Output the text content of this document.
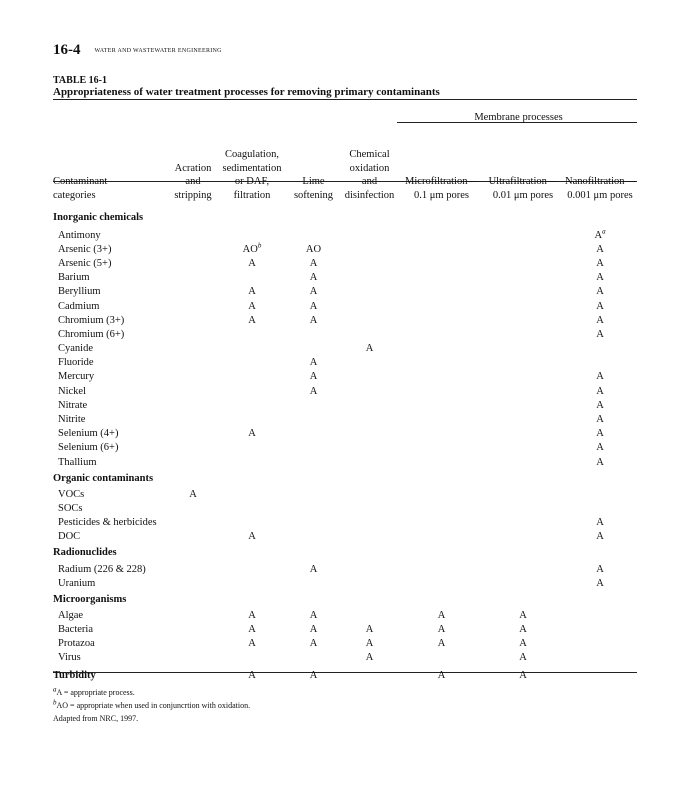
16-4 WATER AND WASTEWATER ENGINEERING
TABLE 16-1
Appropriateness of water treatment processes for removing primary contaminants
					Membrane processes		
Contaminant
categories	Acration
and
stripping	Coagulation,
sedimentation
or DAF,
filtration	Lime
softening	Chemical
oxidation
and
disinfection	Microfiltration—
0.1 μm pores	Ultrafiltration—
0.01 μm pores	Nanofiltration—
0.001 μm pores
Inorganic chemicals							
Antimony							$A^a$
Arsenic (3+)		$AO^b$	AO				A
Arsenic (5+)		A	A				A
Barium			A				A
Beryllium		A	A				A
Cadmium		A	A				A
Chromium (3+)		A	A				A
Chromium (6+)							A
Cyanide				A			
Fluoride			A				
Mercury			A				A
Nickel			A				A
Nitrate							A
Nitrite							A
Selenium (4+)		A					A
Selenium (6+)							A
Thallium							A
Organic contaminants							
VOCs	A						
SOCs							
Pesticides & herbicides							A
DOC		A					A
Radionuclides							
Radium (226 & 228)			A				A
Uranium							A
Microorganisms							
Algae		A	A		A	A	
Bacteria		A	A	A	A	A	
Protazoa		A	A	A	A	A	
Virus				A		A	
Turbidity		A	A		A	A	
$^a$A = appropriate process.
$^b$AO = appropriate when used in conjuncrtion with oxidation.
Adapted from NRC, 1997.
